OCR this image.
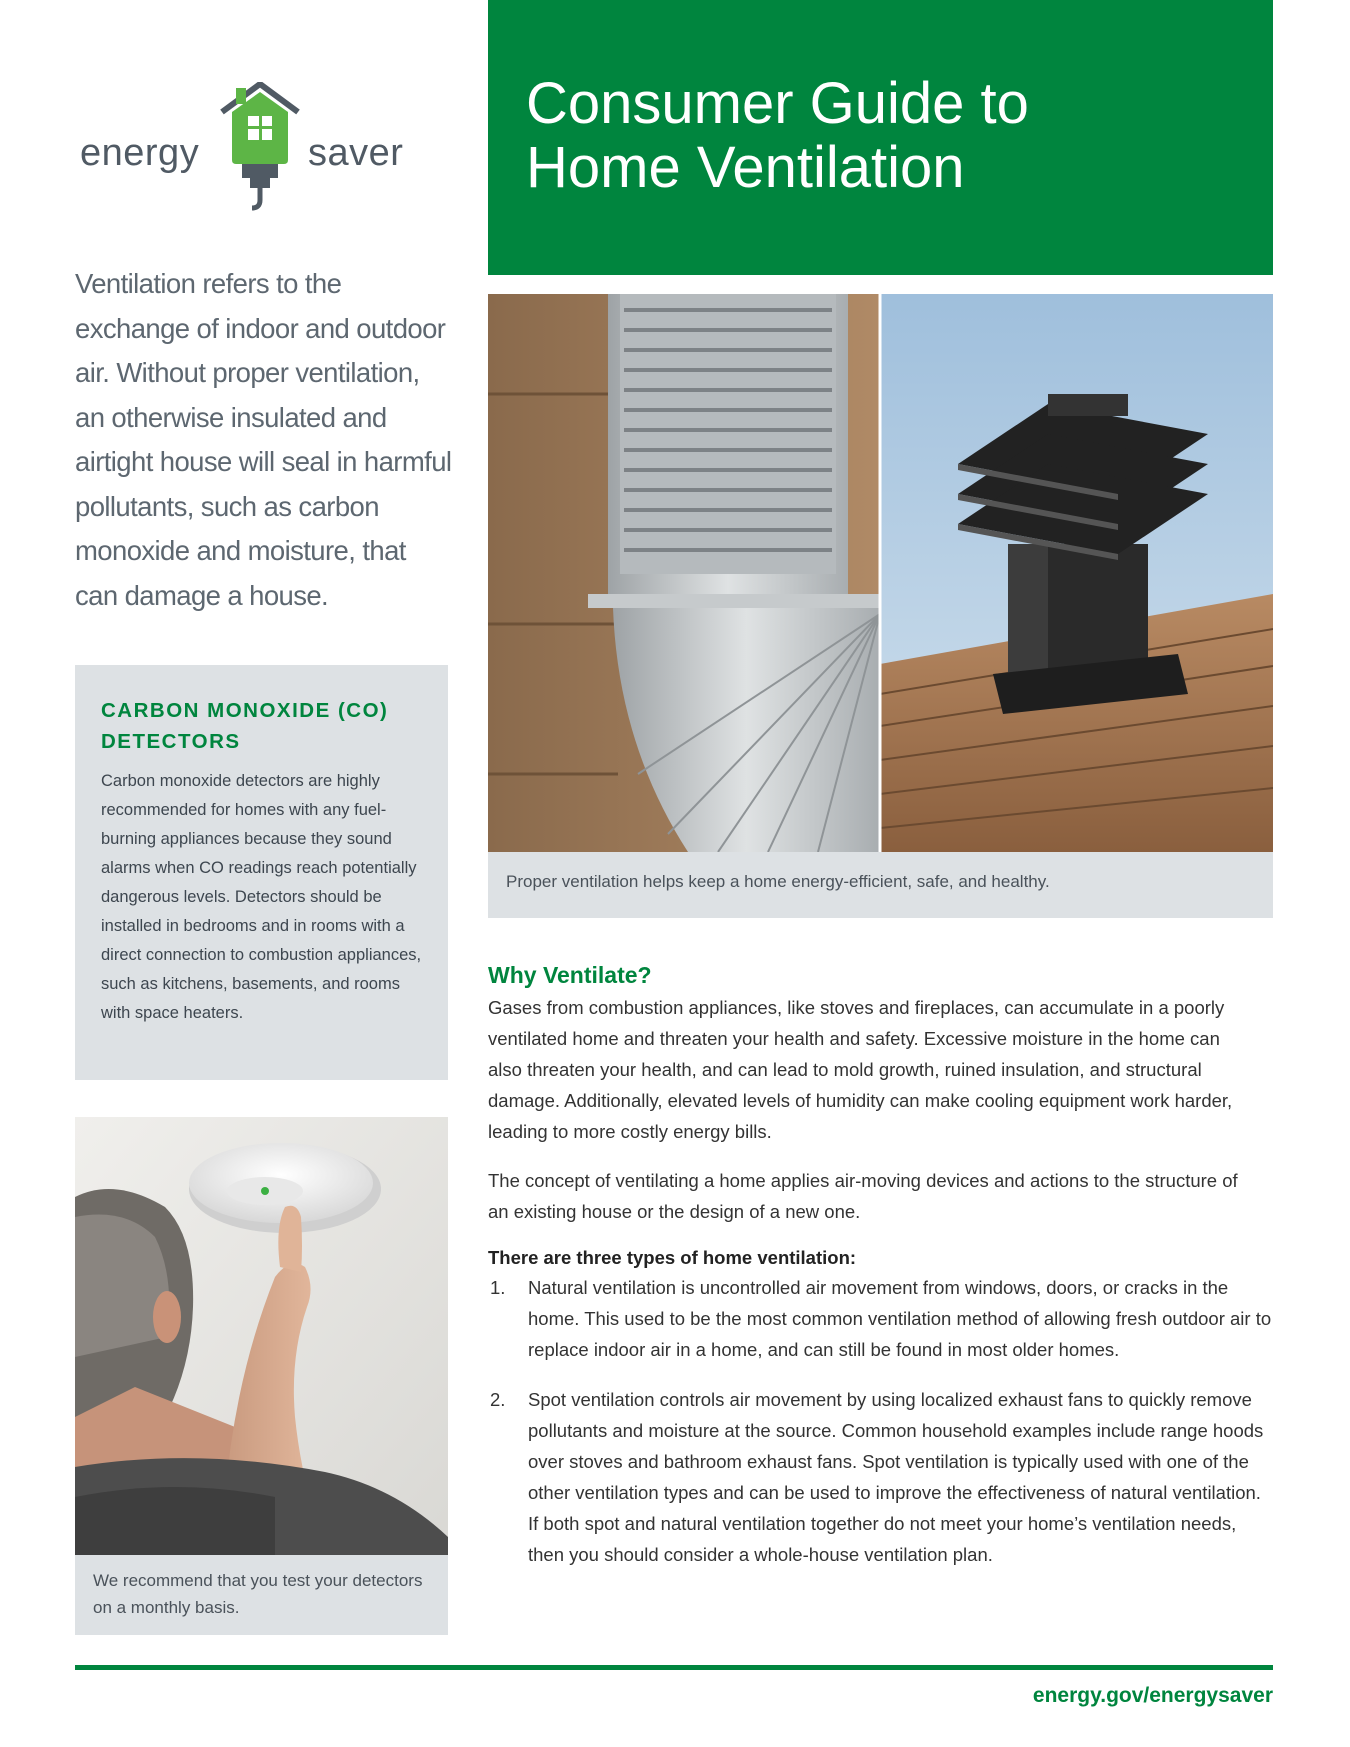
energy	saver
Consumer Guide to
Home Ventilation
Ventilation refers to the exchange of indoor and outdoor air. Without proper ventilation, an otherwise insulated and airtight house will seal in harmful pollutants, such as carbon monoxide and moisture, that can damage a house.
CARBON MONOXIDE (CO) DETECTORS

Carbon monoxide detectors are highly recommended for homes with any fuel-burning appliances because they sound alarms when CO readings reach potentially dangerous levels. Detectors should be installed in bedrooms and in rooms with a direct connection to combustion appliances, such as kitchens, basements, and rooms with space heaters.

We recommend that you test your detectors on a monthly basis.
Proper ventilation helps keep a home energy-efficient, safe, and healthy.
Why Ventilate?

Gases from combustion appliances, like stoves and fireplaces, can accumulate in a poorly ventilated home and threaten your health and safety. Excessive moisture in the home can also threaten your health, and can lead to mold growth, ruined insulation, and structural damage. Additionally, elevated levels of humidity can make cooling equipment work harder, leading to more costly energy bills.

The concept of ventilating a home applies air-moving devices and actions to the structure of an existing house or the design of a new one.

There are three types of home ventilation:
1. Natural ventilation is uncontrolled air movement from windows, doors, or cracks in the home. This used to be the most common ventilation method of allowing fresh outdoor air to replace indoor air in a home, and can still be found in most older homes.
2. Spot ventilation controls air movement by using localized exhaust fans to quickly remove pollutants and moisture at the source. Common household examples include range hoods over stoves and bathroom exhaust fans. Spot ventilation is typically used with one of the other ventilation types and can be used to improve the effectiveness of natural ventilation. If both spot and natural ventilation together do not meet your home’s ventilation needs, then you should consider a whole-house ventilation plan.
energy.gov/energysaver
